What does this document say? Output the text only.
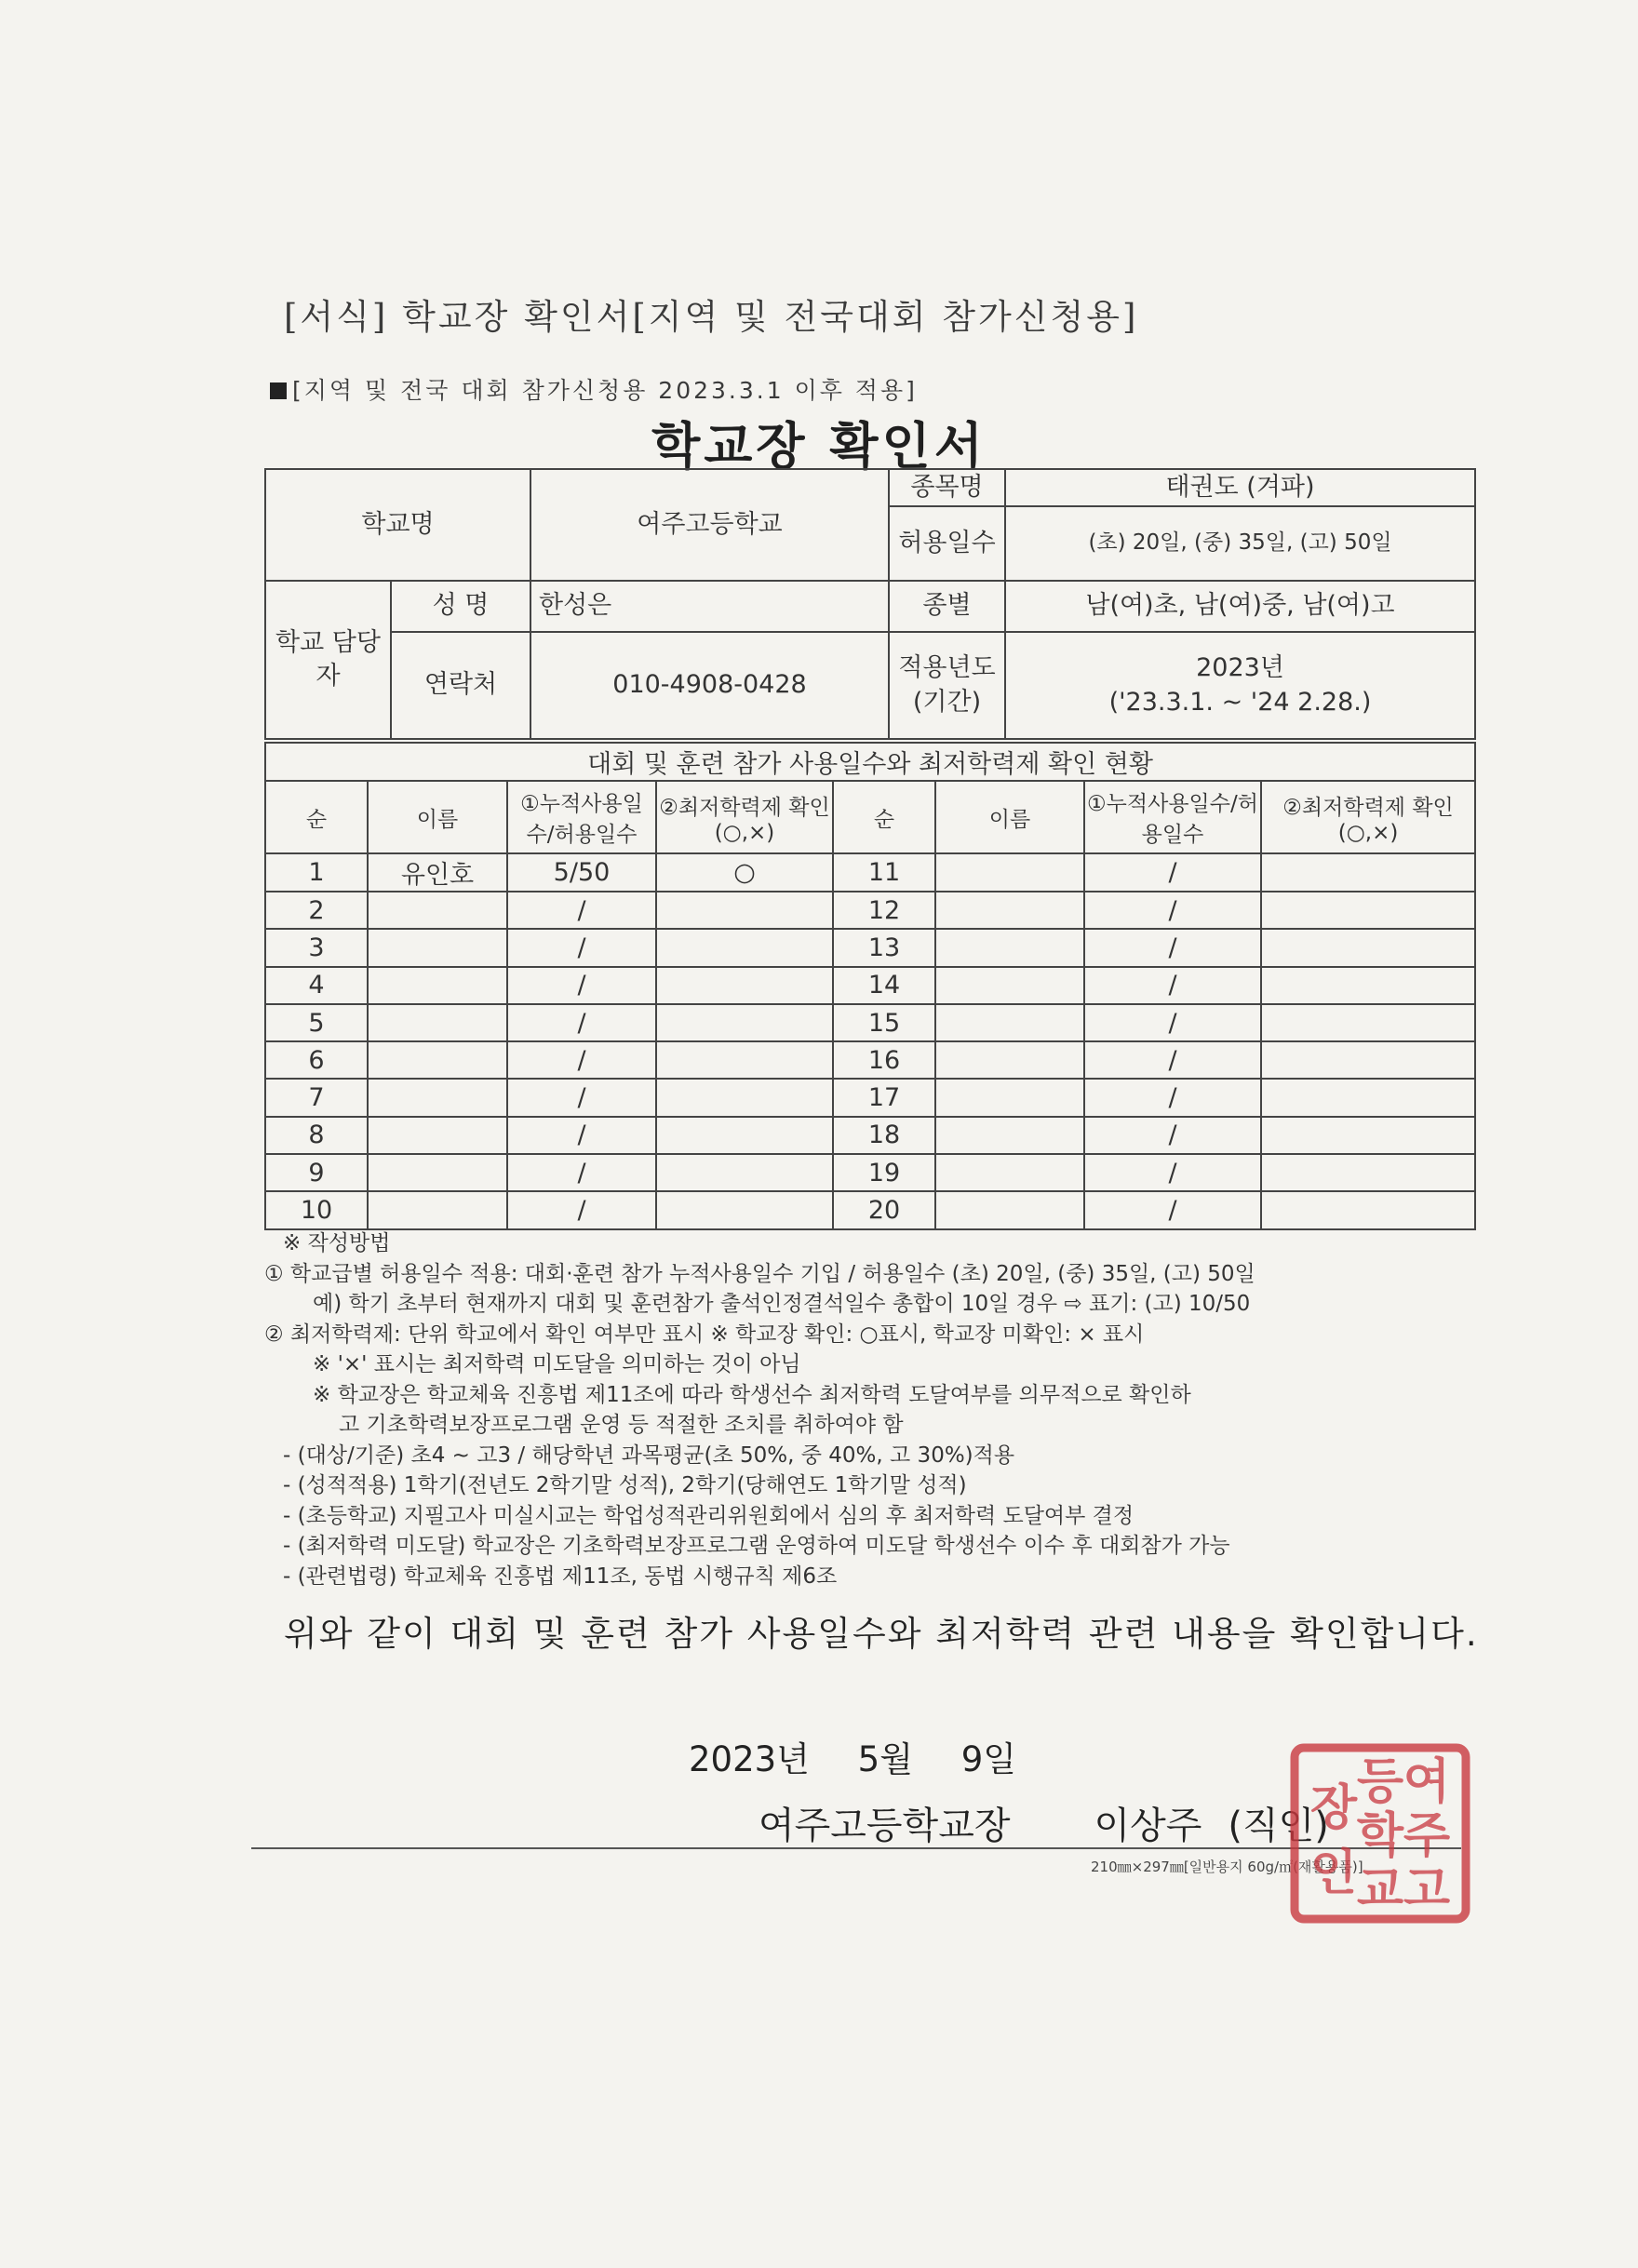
[서식] 학교장 확인서[지역 및 전국대회 참가신청용]
[지역 및 전국 대회 참가신청용 2023.3.1 이후 적용]
학교장 확인서
학교명		여주고등학교	종목명	태권도 (겨파)
			허용일수	(초) 20일, (중) 35일, (고) 50일
학교 담당자	성 명	한성은	종별	남(여)초, 남(여)중, 남(여)고
	연락처	010-4908-0428	적용년도 (기간)	2023년
('23.3.1. ~ '24 2.28.)
대회 및 훈련 참가 사용일수와 최저학력제 확인 현황							
순	이름	①누적사용일수/허용일수	②최저학력제 확인(○,×)	순	이름	①누적사용일수/허용일수	②최저학력제 확인(○,×)
1	유인호	5/50	○	11		/	
2		/		12		/	
3		/		13		/	
4		/		14		/	
5		/		15		/	
6		/		16		/	
7		/		17		/	
8		/		18		/	
9		/		19		/	
10		/		20		/	
※ 작성방법
① 학교급별 허용일수 적용: 대회·훈련 참가 누적사용일수 기입 / 허용일수 (초) 20일, (중) 35일, (고) 50일
예) 학기 초부터 현재까지 대회 및 훈련참가 출석인정결석일수 총합이 10일 경우 ⇨ 표기: (고) 10/50
② 최저학력제: 단위 학교에서 확인 여부만 표시 ※ 학교장 확인: ○표시, 학교장 미확인: × 표시
※ '×' 표시는 최저학력 미도달을 의미하는 것이 아님
※ 학교장은 학교체육 진흥법 제11조에 따라 학생선수 최저학력 도달여부를 의무적으로 확인하
고 기초학력보장프로그램 운영 등 적절한 조치를 취하여야 함
- (대상/기준) 초4 ~ 고3 / 해당학년 과목평균(초 50%, 중 40%, 고 30%)적용
- (성적적용) 1학기(전년도 2학기말 성적), 2학기(당해연도 1학기말 성적)
- (초등학교) 지필고사 미실시교는 학업성적관리위원회에서 심의 후 최저학력 도달여부 결정
- (최저학력 미도달) 학교장은 기초학력보장프로그램 운영하여 미도달 학생선수 이수 후 대회참가 가능
- (관련법령) 학교체육 진흥법 제11조, 동법 시행규칙 제6조
위와 같이 대회 및 훈련 참가 사용일수와 최저학력 관련 내용을 확인합니다.
2023년 5월 9일
여주고등학교장 이상주 (직인)
210㎜×297㎜[일반용지 60g/㎡(재활용품)]
여
주
고
등
학
교
장
인
